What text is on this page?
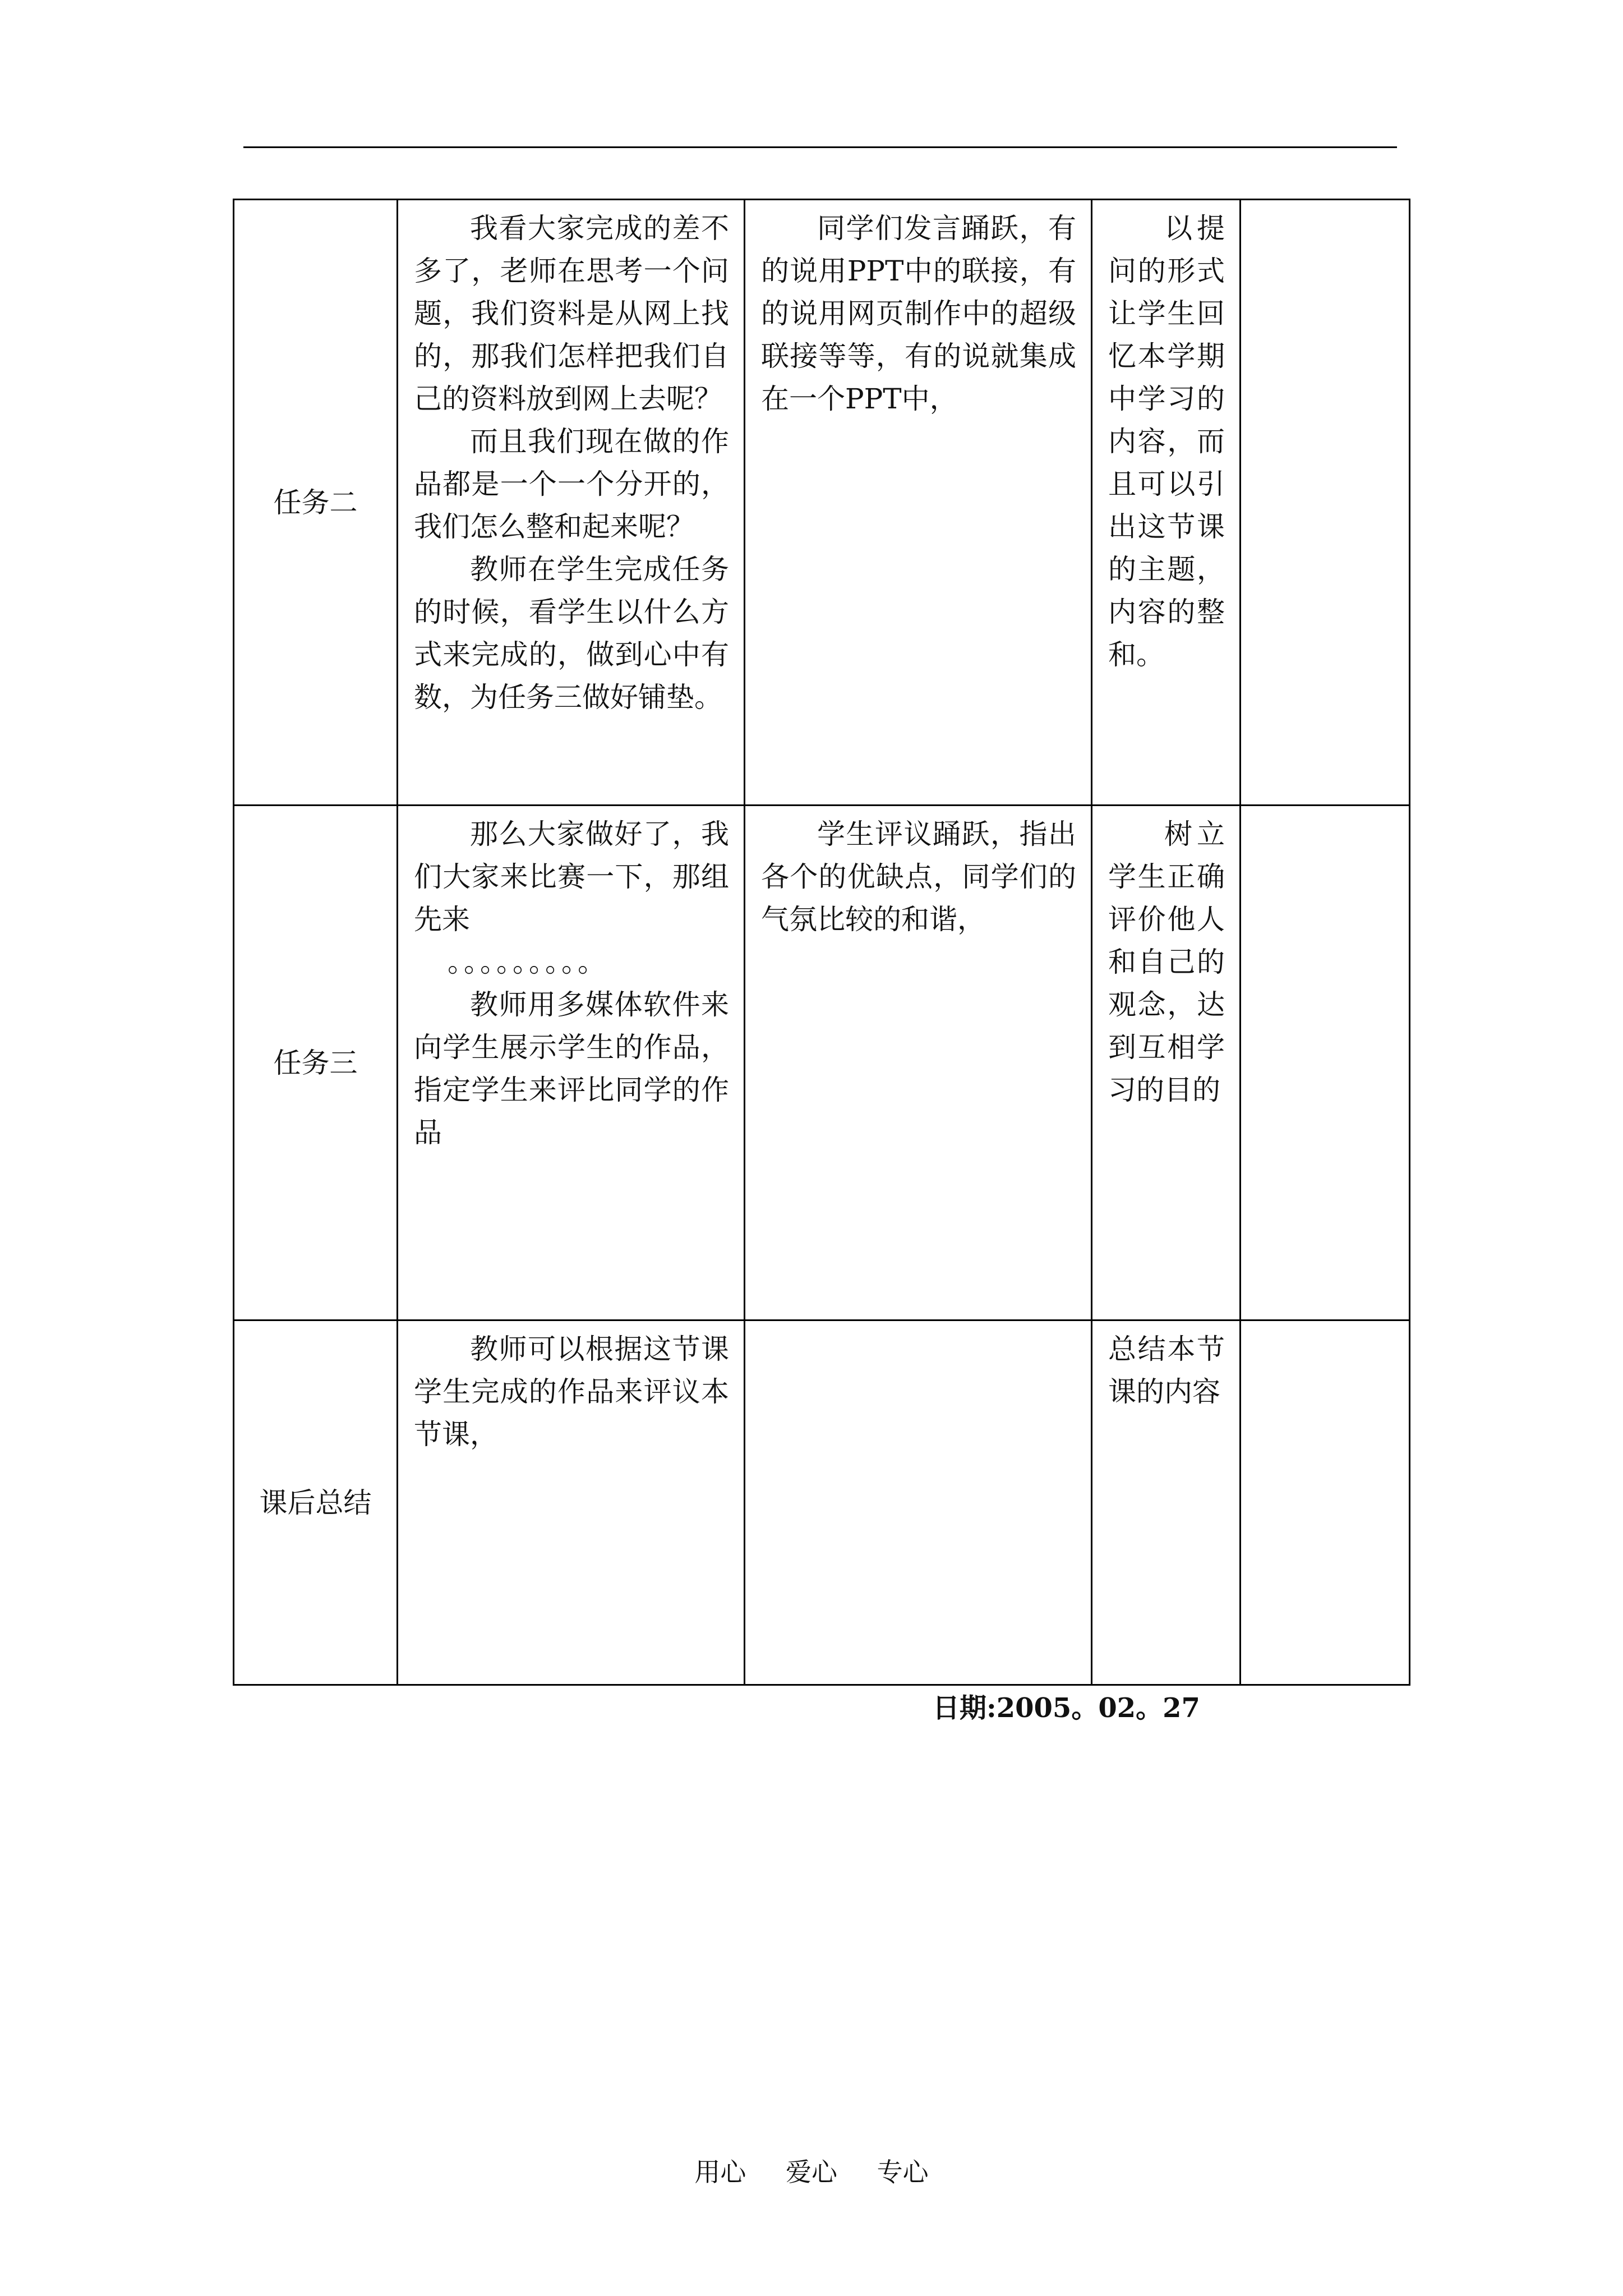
任务二	我看大家完成的差不多了，老师在思考一个问题，我们资料是从网上找的，那我们怎样把我们自己的资料放到网上去呢？

而且我们现在做的作品都是一个一个分开的，我们怎么整和起来呢？

教师在学生完成任务的时候，看学生以什么方式来完成的，做到心中有数，为任务三做好铺垫。	同学们发言踊跃，有的说用PPT中的联接，有的说用网页制作中的超级联接等等，有的说就集成在一个PPT中，	以提问的形式让学生回忆本学期中学习的内容，而且可以引出这节课的主题，内容的整和。	

任务三	那么大家做好了，我们大家来比赛一下，那组先来

。。。。。。。。。

教师用多媒体软件来向学生展示学生的作品，指定学生来评比同学的作品	学生评议踊跃，指出各个的优缺点，同学们的气氛比较的和谐，	树立学生正确评价他人和自己的观念，达到互相学习的目的	

课后总结	教师可以根据这节课学生完成的作品来评议本节课，		总结本节课的内容	

日期:2005。02。27
用心 爱心 专心
